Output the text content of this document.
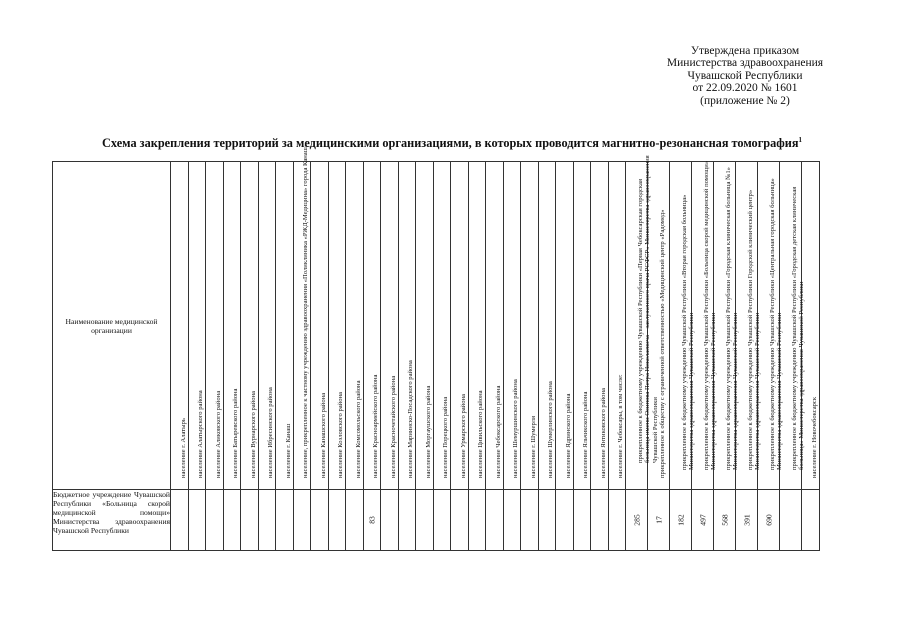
Утверждена приказом
Министерства здравоохранения
Чувашской Республики
от 22.09.2020 № 1601
(приложение № 2)
Схема закрепления территорий за медицинскими организациями, в которых проводится магнитно-резонансная томография$^1$
Наименование медицинской организации	население г. Алатырь	население Алатырского района	население Аликовского района	население Батыревского района	население Вурнарского района	население Ибресинского района	население г. Канаш	население, прикрепленное к частному учреждению здравоохранения «Поликлиника «РЖД-Медицина» города Канаш»	население Канашского района	население Козловского района	население Комсомольского района	население Красноармейского района	население Красночетайского района	население Мариинско-Посадского района	население Моргаушского района	население Порецкого района	население Урмарского района	население Цивильского района	население Чебоксарского района	население Шемуршинского района	население г. Шумерля	население Шумерлинского района	население Ядринского района	население Яльчикского района	население Янтиковского района	население г. Чебоксары, в том числе:	прикрепленное к бюджетному учреждению Чувашской Республики «Первая Чебоксарская городская больница имени Осипова Петра Николаевича – заслуженного врача РСФСР» Министерства здравоохранения Чувашской Республики	прикрепленное к обществу с ограниченной ответственностью «Медицинский центр «Радомед»	прикрепленное к бюджетному учреждению Чувашской Республики «Вторая городская больница» Министерства здравоохранения Чувашской Республики	прикрепленное к бюджетному учреждению Чувашской Республики «Больница скорой медицинской помощи» Министерства здравоохранения Чувашской Республики	прикрепленное к бюджетному учреждению Чувашской Республики «Городская клиническая больница №1» Министерства здравоохранения Чувашской Республики	прикрепленное к бюджетному учреждению Чувашской Республики Городской клинический центр» Министерства здравоохранения Чувашской Республики	прикрепленное к бюджетному учреждению Чувашской Республики «Центральная городская больница» Министерства здравоохранения Чувашской Республики	прикрепленное к бюджетному учреждению Чувашской Республики «Городская детская клиническая больница» Министерства здравоохранения Чувашской Республики	население г. Новочебоксарск

Бюджетное учреждение Чувашской Республики «Больница скорой медицинской помощи» Министерства здравоохранения Чувашской Республики												83															285	17	182	497	568	391	690		
